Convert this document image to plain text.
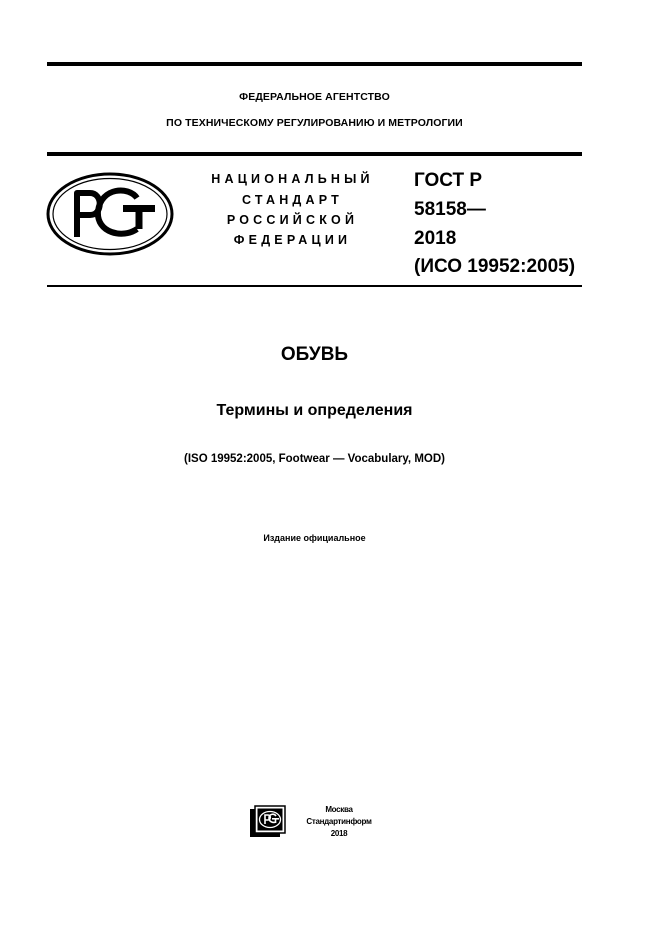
ФЕДЕРАЛЬНОЕ АГЕНТСТВО
ПО ТЕХНИЧЕСКОМУ РЕГУЛИРОВАНИЮ И МЕТРОЛОГИИ
НАЦИОНАЛЬНЫЙ
СТАНДАРТ
РОССИЙСКОЙ
ФЕДЕРАЦИИ
ГОСТ Р
58158—
2018
(ИСО 19952:2005)
ОБУВЬ
Термины и определения
(ISO 19952:2005, Footwear — Vocabulary, MOD)
Издание официальное
Москва
Стандартинформ
2018
